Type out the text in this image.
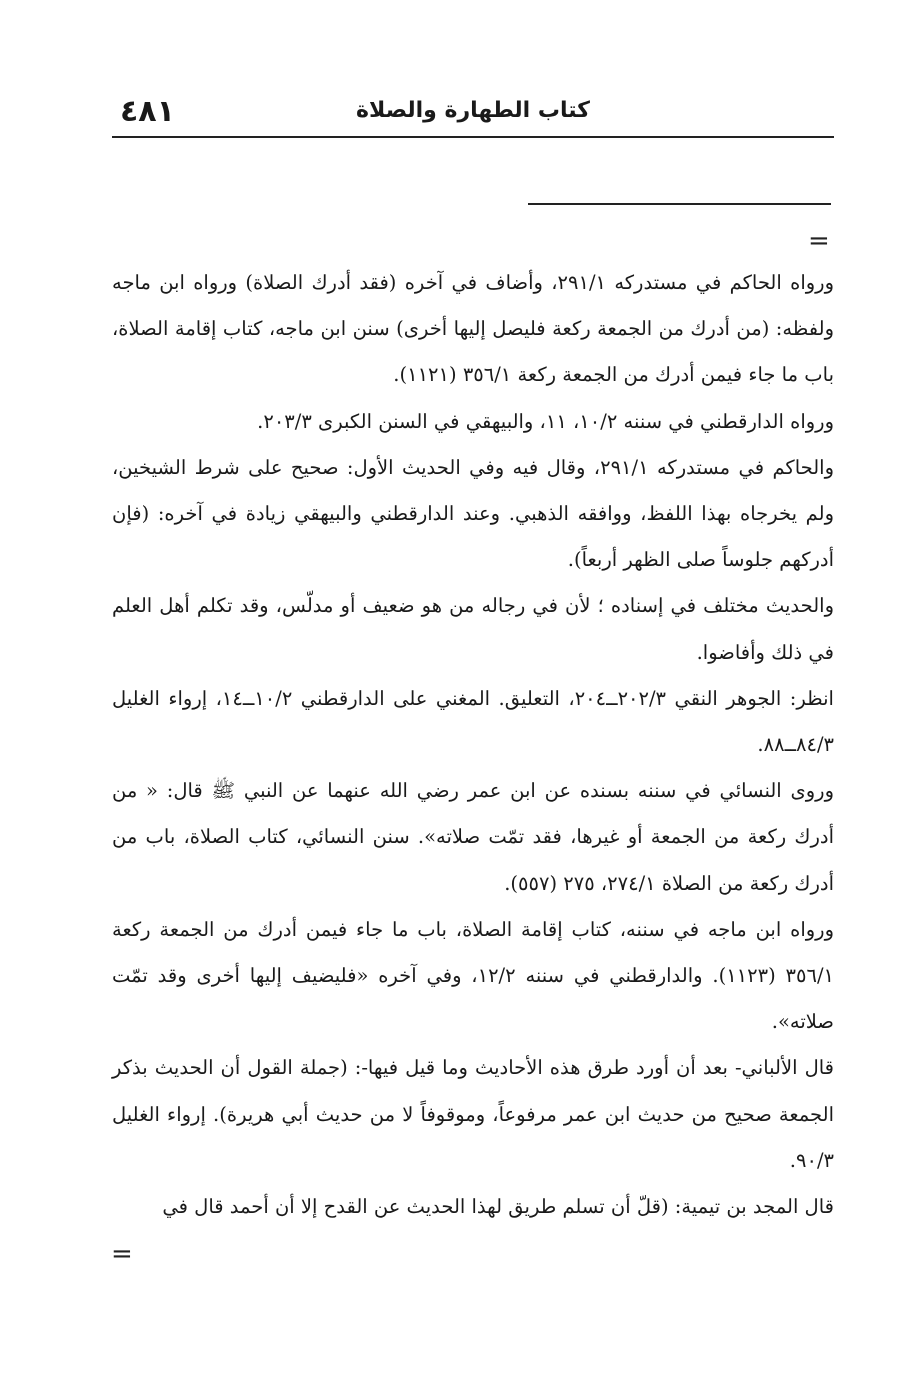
٤٨١	كتاب الطهارة والصلاة
=

ورواه الحاكم في مستدركه ٢٩١/١، وأضاف في آخره (فقد أدرك الصلاة) ورواه ابن ماجه ولفظه: (من أدرك من الجمعة ركعة فليصل إليها أخرى) سنن ابن ماجه، كتاب إقامة الصلاة، باب ما جاء فيمن أدرك من الجمعة ركعة ٣٥٦/١ (١١٢١).

ورواه الدارقطني في سننه ١٠/٢، ١١، والبيهقي في السنن الكبرى ٢٠٣/٣.

والحاكم في مستدركه ٢٩١/١، وقال فيه وفي الحديث الأول: صحيح على شرط الشيخين، ولم يخرجاه بهذا اللفظ، ووافقه الذهبي. وعند الدارقطني والبيهقي زيادة في آخره: (فإن أدركهم جلوساً صلى الظهر أربعاً).

والحديث مختلف في إسناده ؛ لأن في رجاله من هو ضعيف أو مدلّس، وقد تكلم أهل العلم في ذلك وأفاضوا.

انظر: الجوهر النقي ٢٠٢/٣ــ٢٠٤، التعليق. المغني على الدارقطني ١٠/٢ــ١٤، إرواء الغليل ٨٤/٣ــ٨٨.

وروى النسائي في سننه بسنده عن ابن عمر رضي الله عنهما عن النبي ﷺ قال: « من أدرك ركعة من الجمعة أو غيرها، فقد تمّت صلاته». سنن النسائي، كتاب الصلاة، باب من أدرك ركعة من الصلاة ٢٧٤/١، ٢٧٥ (٥٥٧).

ورواه ابن ماجه في سننه، كتاب إقامة الصلاة، باب ما جاء فيمن أدرك من الجمعة ركعة ٣٥٦/١ (١١٢٣). والدارقطني في سننه ١٢/٢، وفي آخره «فليضيف إليها أخرى وقد تمّت صلاته».

قال الألباني- بعد أن أورد طرق هذه الأحاديث وما قيل فيها-: (جملة القول أن الحديث بذكر الجمعة صحيح من حديث ابن عمر مرفوعاً، وموقوفاً لا من حديث أبي هريرة). إرواء الغليل ٩٠/٣.

قال المجد بن تيمية: (قلّ أن تسلم طريق لهذا الحديث عن القدح إلا أن أحمد قال في

=
